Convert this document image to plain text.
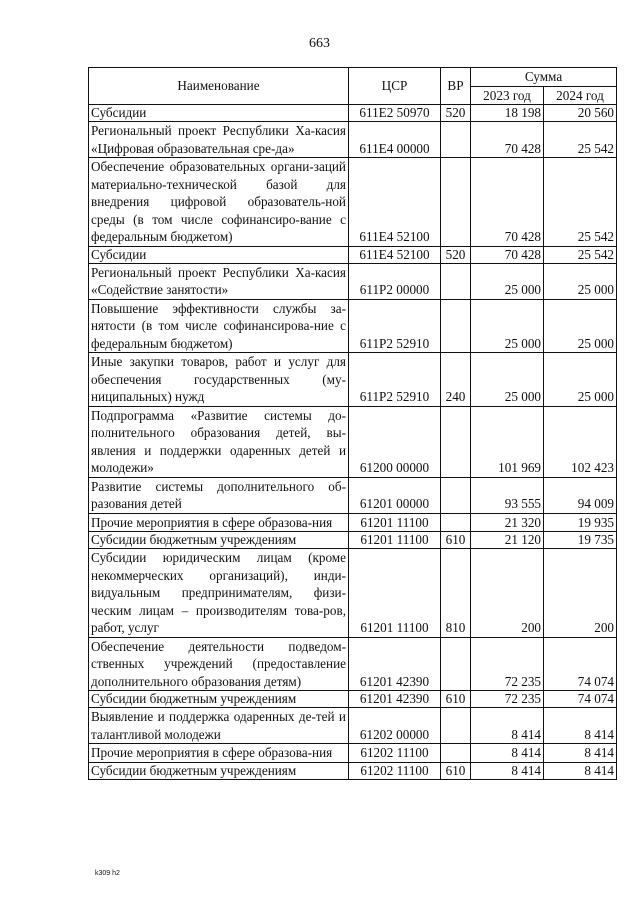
663
Наименование	ЦСР	ВР	Сумма	
			2023 год	2024 год
Субсидии	611E2 50970	520	18 198	20 560
Региональный проект Республики Ха-касия «Цифровая образовательная сре-да»	611E4 00000		70 428	25 542
Обеспечение образовательных органи-заций материально-технической базой для внедрения цифровой образователь-ной среды (в том числе софинансиро-вание с федеральным бюджетом)	611E4 52100		70 428	25 542
Субсидии	611E4 52100	520	70 428	25 542
Региональный проект Республики Ха-касия «Содействие занятости»	611P2 00000		25 000	25 000
Повышение эффективности службы за-нятости (в том числе софинансирова-ние с федеральным бюджетом)	611P2 52910		25 000	25 000
Иные закупки товаров, работ и услуг для обеспечения государственных (му-ниципальных) нужд	611P2 52910	240	25 000	25 000
Подпрограмма «Развитие системы до-полнительного образования детей, вы-явления и поддержки одаренных детей и молодежи»	61200 00000		101 969	102 423
Развитие системы дополнительного об-разования детей	61201 00000		93 555	94 009
Прочие мероприятия в сфере образова-ния	61201 11100		21 320	19 935
Субсидии бюджетным учреждениям	61201 11100	610	21 120	19 735
Субсидии юридическим лицам (кроме некоммерческих организаций), инди-видуальным предпринимателям, физи-ческим лицам – производителям това-ров, работ, услуг	61201 11100	810	200	200
Обеспечение деятельности подведом-ственных учреждений (предоставление дополнительного образования детям)	61201 42390		72 235	74 074
Субсидии бюджетным учреждениям	61201 42390	610	72 235	74 074
Выявление и поддержка одаренных де-тей и талантливой молодежи	61202 00000		8 414	8 414
Прочие мероприятия в сфере образова-ния	61202 11100		8 414	8 414
Субсидии бюджетным учреждениям	61202 11100	610	8 414	8 414
k309 h2
